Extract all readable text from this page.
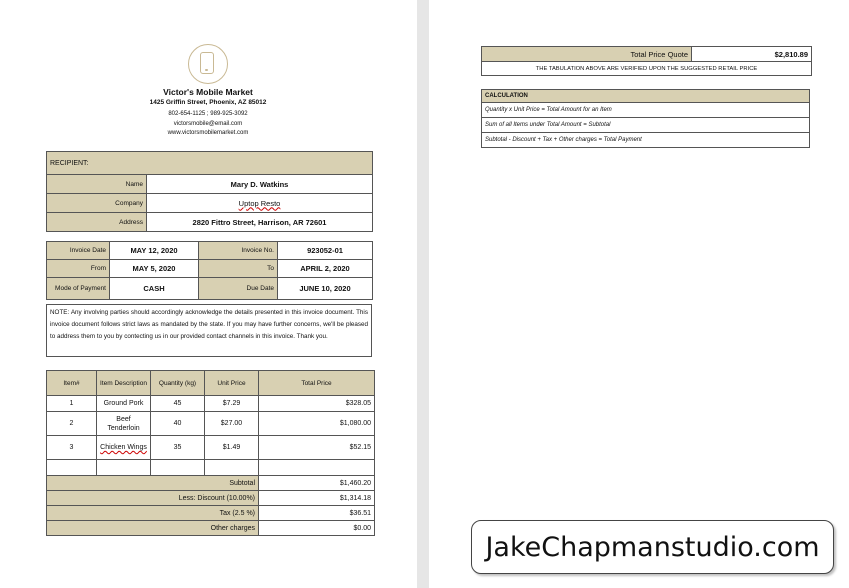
Victor's Mobile Market
1425 Griffin Street, Phoenix, AZ 85012
802-654-1125 ; 989-925-3092
victorsmobile@email.com
www.victorsmobilemarket.com
RECIPIENT:	
Name	Mary D. Watkins
Company	Uptop Resto
Address	2820 Fittro Street, Harrison, AR 72601
Invoice Date	MAY 12, 2020	Invoice No.	923052-01
From	MAY 5, 2020	To	APRIL 2, 2020
Mode of Payment	CASH	Due Date	JUNE 10, 2020
NOTE: Any involving parties should accordingly acknowledge the details presented in this invoice document. This invoice document follows strict laws as mandated by the state. If you may have further concerns, we'll be pleased to address them to you by contecting us in our provided contact channels in this invoice. Thank you.
Item#	Item Description	Quantity (kg)	Unit Price	Total Price
1	Ground Pork	45	$7.29	$328.05
2	Beef Tenderloin	40	$27.00	$1,080.00
3	Chicken Wings	35	$1.49	$52.15

Subtotal				$1,460.20
Less: Discount (10.00%)				$1,314.18
Tax (2.5 %)				$36.51
Other charges				$0.00
Total Price Quote	$2,810.89
THE TABULATION ABOVE ARE VERIFIED UPON THE SUGGESTED RETAIL PRICE
CALCULATION
Quantity x Unit Price = Total Amount for an Item
Sum of all Items under Total Amount = Subtotal
Subtotal - Discount + Tax + Other charges = Total Payment
JakeChapmanstudio.com
